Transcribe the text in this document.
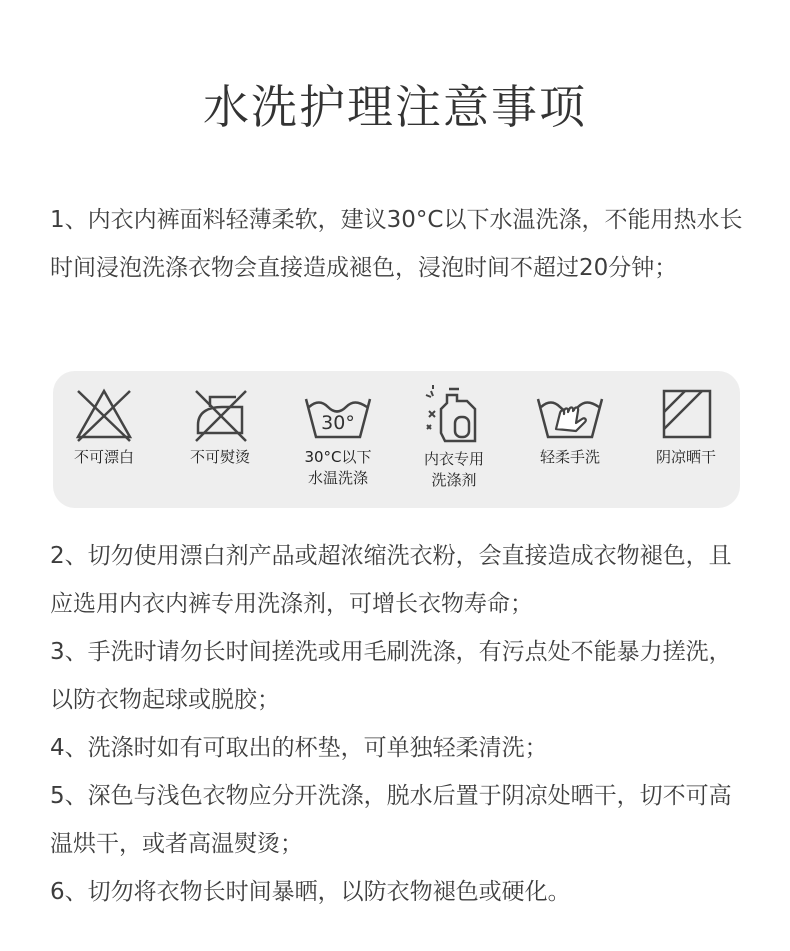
水洗护理注意事项

1、内衣内裤面料轻薄柔软，建议30°C以下水温洗涤，不能用热水长时间浸泡洗涤衣物会直接造成褪色，浸泡时间不超过20分钟；

不可漂白	不可熨烫
30°
30°C以下
水温洗涤
内衣专用
洗涤剂
轻柔手洗	阴凉晒干
2、切勿使用漂白剂产品或超浓缩洗衣粉，会直接造成衣物褪色，且应选用内衣内裤专用洗涤剂，可增长衣物寿命；
3、手洗时请勿长时间搓洗或用毛刷洗涤，有污点处不能暴力搓洗，以防衣物起球或脱胶；
4、洗涤时如有可取出的杯垫，可单独轻柔清洗；
5、深色与浅色衣物应分开洗涤，脱水后置于阴凉处晒干，切不可高温烘干，或者高温熨烫；
6、切勿将衣物长时间暴晒，以防衣物褪色或硬化。
